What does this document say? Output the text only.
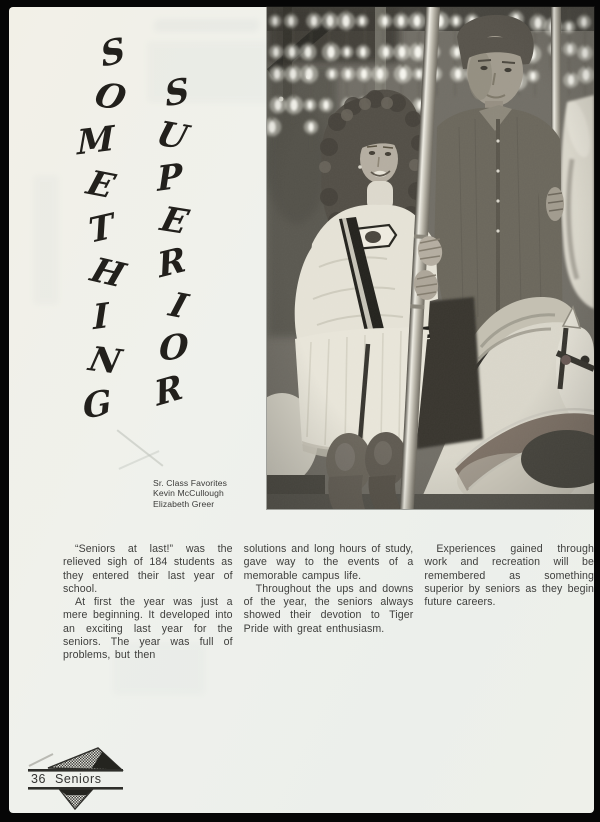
S
O
M
E
T
H
I
N
G
S
U
P
E
R
I
O
R
Sr. Class Favorites
Kevin McCullough
Elizabeth Greer

“Seniors at last!” was the relieved sigh of 184 students as they entered their last year of school.

At first the year was just a mere beginning. It developed into an exciting last year for the seniors. The year was full of problems, but then

solutions and long hours of study, gave way to the events of a memorable campus life.

Throughout the ups and downs of the year, the seniors always showed their devotion to Tiger Pride with great enthusiasm.

Experiences gained through work and recreation will be remembered as something superior by seniors as they begin future careers.

36 Seniors
